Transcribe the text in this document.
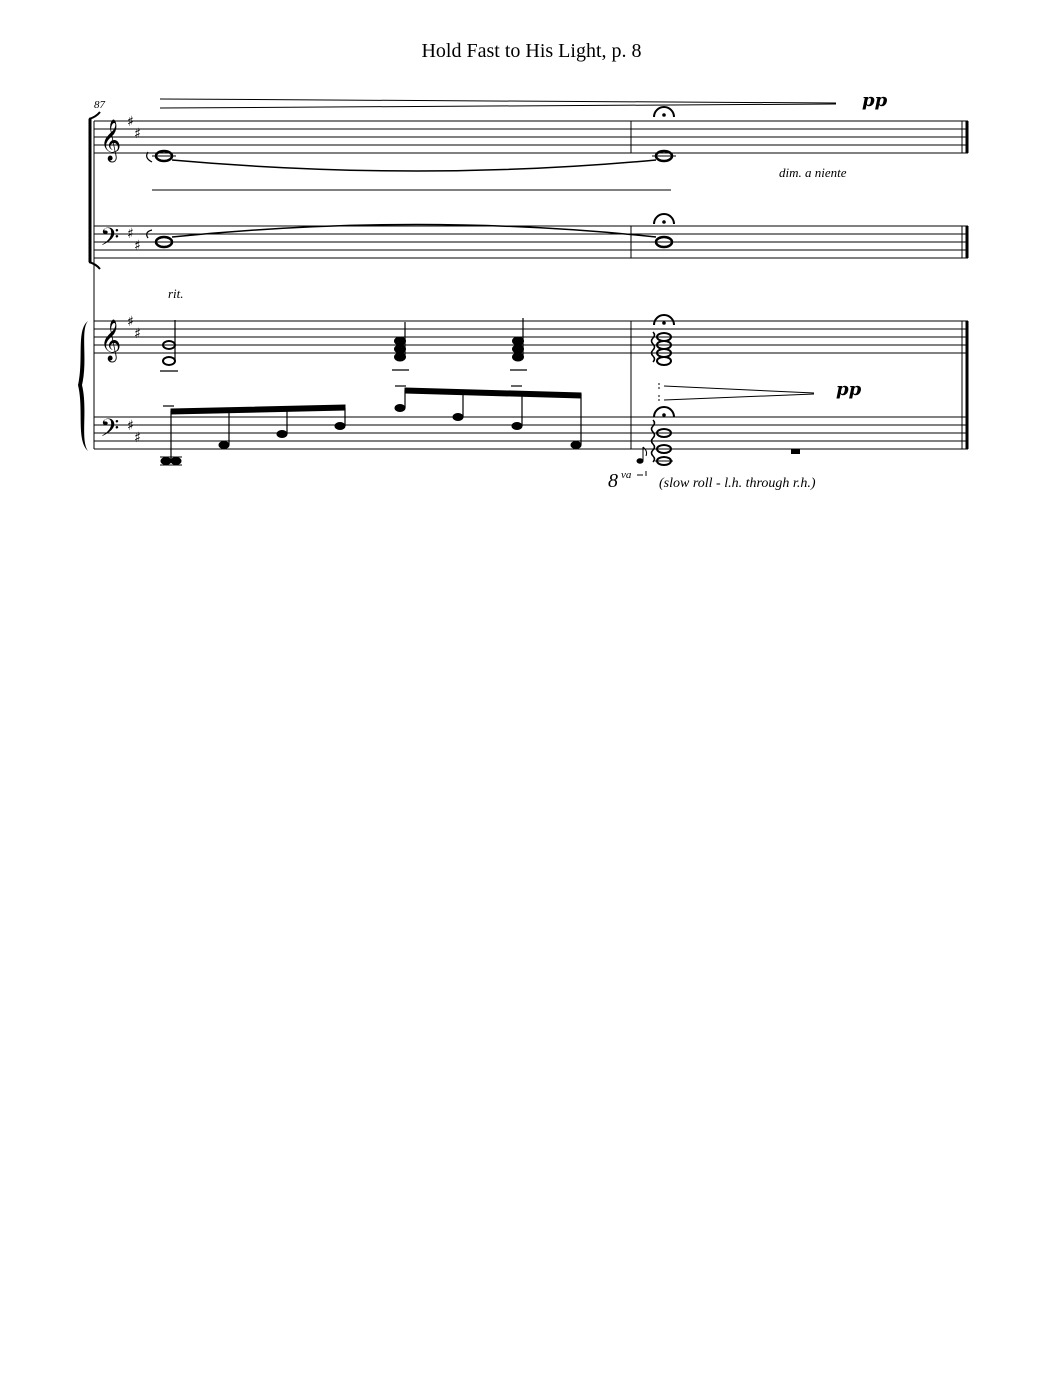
Hold Fast to His Light, p. 8
87
𝄞
𝄢
𝄞
𝄢
♯
♯
♯
♯
♯
♯
♯
♯
pp
dim. a niente
rit.
pp
8 va
(slow roll - l.h. through r.h.)
